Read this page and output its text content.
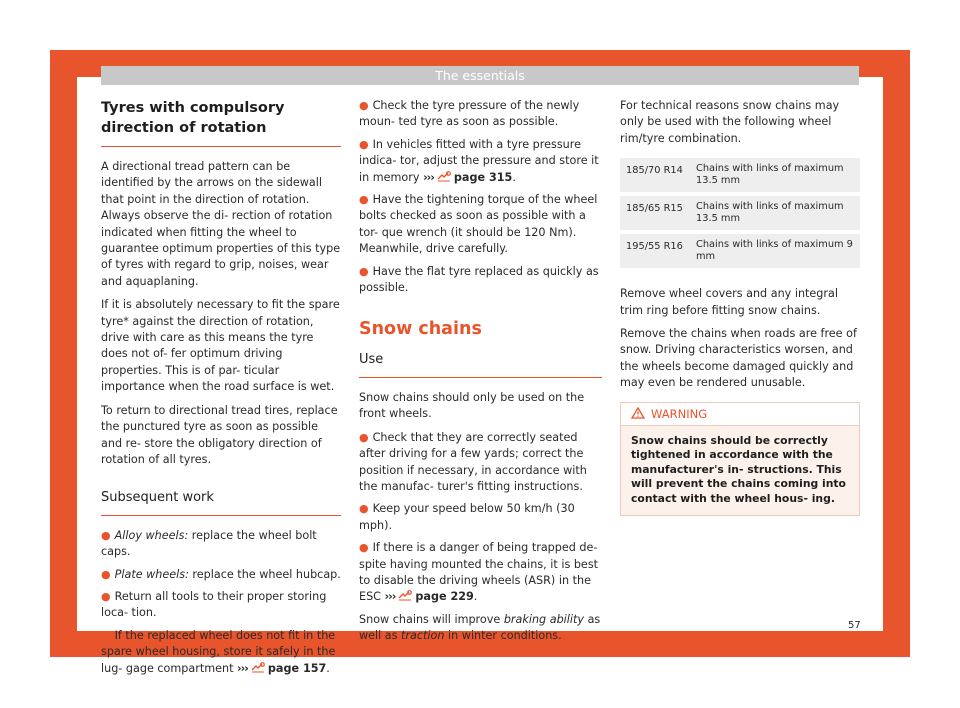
The essentials
Tyres with compulsory direction of rotation

A directional tread pattern can be identified by the arrows on the sidewall that point in the direction of rotation. Always observe the di- rection of rotation indicated when fitting the wheel to guarantee optimum properties of this type of tyres with regard to grip, noises, wear and aquaplaning.

If it is absolutely necessary to fit the spare tyre* against the direction of rotation, drive with care as this means the tyre does not of- fer optimum driving properties. This is of par- ticular importance when the road surface is wet.

To return to directional tread tires, replace the punctured tyre as soon as possible and re- store the obligatory direction of rotation of all tyres.

Subsequent work
● Alloy wheels: replace the wheel bolt caps.
● Plate wheels: replace the wheel hubcap.
● Return all tools to their proper storing loca- tion.
● If the replaced wheel does not fit in the spare wheel housing, store it safely in the lug- gage compartment ››› page 157.
● Check the tyre pressure of the newly moun- ted tyre as soon as possible.
● In vehicles fitted with a tyre pressure indica- tor, adjust the pressure and store it in memory ››› page 315.
● Have the tightening torque of the wheel bolts checked as soon as possible with a tor- que wrench (it should be 120 Nm). Meanwhile, drive carefully.
● Have the flat tyre replaced as quickly as possible.
Snow chains
Use

Snow chains should only be used on the front wheels.

● Check that they are correctly seated after driving for a few yards; correct the position if necessary, in accordance with the manufac- turer's fitting instructions.
● Keep your speed below 50 km/h (30 mph).
● If there is a danger of being trapped de- spite having mounted the chains, it is best to disable the driving wheels (ASR) in the ESC ››› page 229.

Snow chains will improve braking ability as well as traction in winter conditions.

For technical reasons snow chains may only be used with the following wheel rim/tyre combination.

185/70 R14	Chains with links of maximum 13.5 mm
185/65 R15	Chains with links of maximum 13.5 mm
195/55 R16	Chains with links of maximum 9 mm

Remove wheel covers and any integral trim ring before fitting snow chains.

Remove the chains when roads are free of snow. Driving characteristics worsen, and the wheels become damaged quickly and may even be rendered unusable.

WARNING
Snow chains should be correctly tightened in accordance with the manufacturer's in- structions. This will prevent the chains coming into contact with the wheel hous- ing.
57
